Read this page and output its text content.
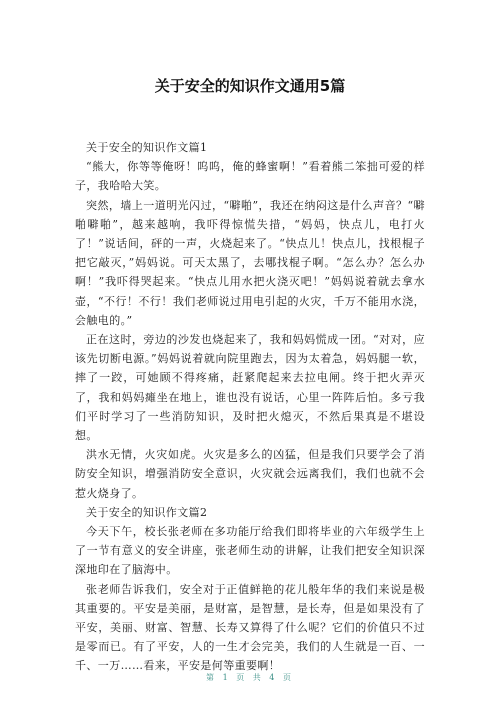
关于安全的知识作文通用5篇

关于安全的知识作文篇1

“熊大，你等等俺呀！呜呜，俺的蜂蜜啊！”看着熊二笨拙可爱的样子，我哈哈大笑。

突然，墙上一道明光闪过，“噼啪”，我还在纳闷这是什么声音？“噼啪噼啪”，越来越响，我吓得惊慌失措，“妈妈，快点儿，电打火了！”说话间，砰的一声，火烧起来了。“快点儿！快点儿，找根棍子把它敲灭，”妈妈说。可天太黑了，去哪找棍子啊。“怎么办？怎么办啊！”我吓得哭起来。“快点儿用水把火浇灭吧！”妈妈说着就去拿水壶，“不行！不行！我们老师说过用电引起的火灾，千万不能用水浇，会触电的。”

正在这时，旁边的沙发也烧起来了，我和妈妈慌成一团。“对对，应该先切断电源。”妈妈说着就向院里跑去，因为太着急，妈妈腿一软，摔了一跤，可她顾不得疼痛，赶紧爬起来去拉电闸。终于把火弄灭了，我和妈妈瘫坐在地上，谁也没有说话，心里一阵阵后怕。多亏我们平时学习了一些消防知识，及时把火熄灭，不然后果真是不堪设想。

洪水无情，火灾如虎。火灾是多么的凶猛，但是我们只要学会了消防安全知识，增强消防安全意识，火灾就会远离我们，我们也就不会惹火烧身了。

关于安全的知识作文篇2

今天下午，校长张老师在多功能厅给我们即将毕业的六年级学生上了一节有意义的安全讲座，张老师生动的讲解，让我们把安全知识深深地印在了脑海中。

张老师告诉我们，安全对于正值鲜艳的花儿般年华的我们来说是极其重要的。平安是美丽，是财富，是智慧，是长寿，但是如果没有了平安，美丽、财富、智慧、长寿又算得了什么呢？它们的价值只不过是零而已。有了平安，人的一生才会完美，我们的人生就是一百、一千、一万……看来，平安是何等重要啊！

第 1 页 共 4 页
